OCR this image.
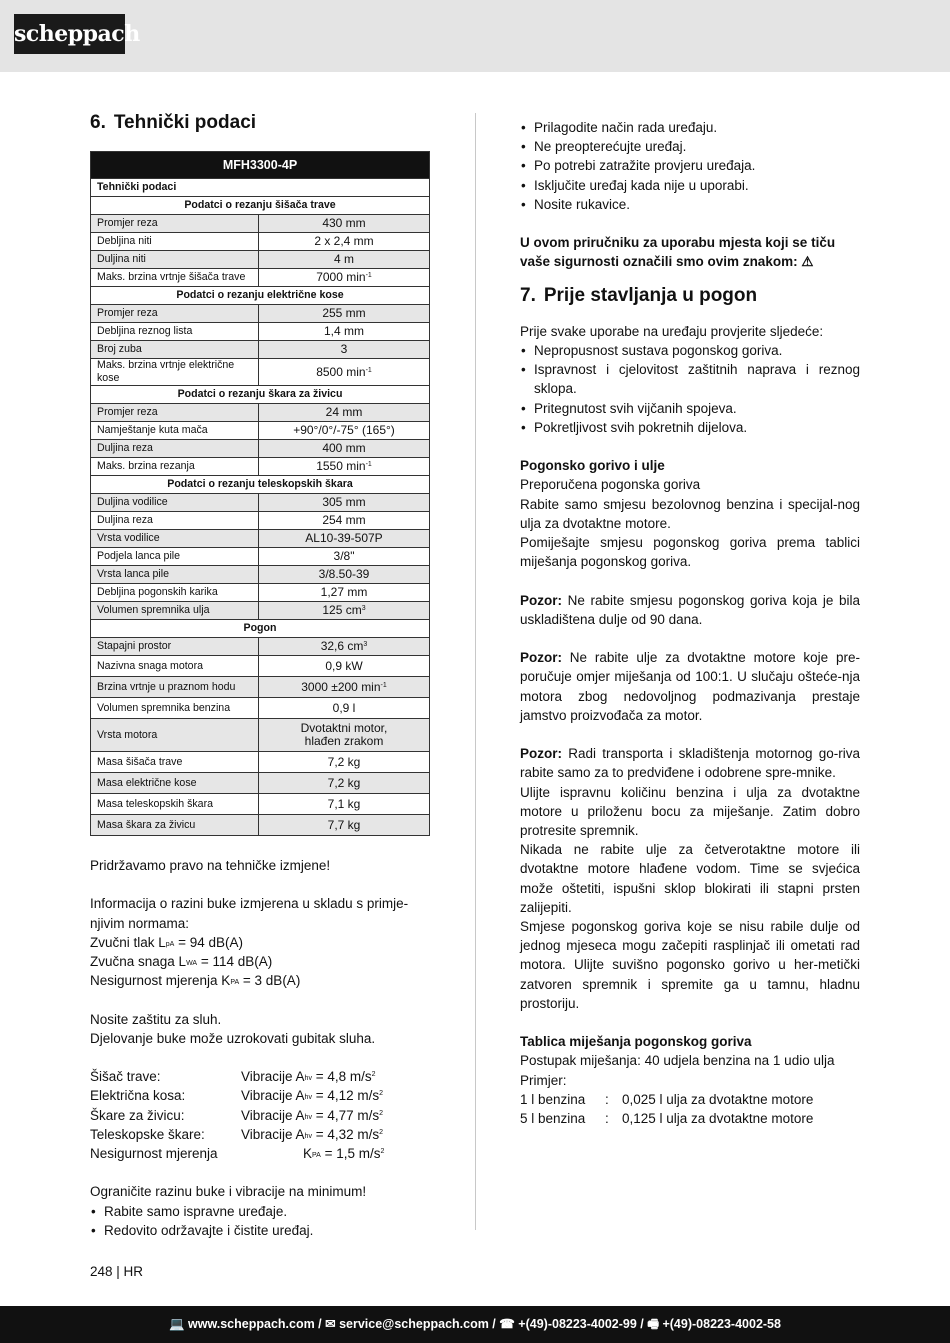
scheppach
6. Tehnički podaci
MFH3300-4P	
Tehnički podaci	
Podatci o rezanju šišača trave	
Promjer reza	430 mm
Debljina niti	2 x 2,4 mm
Duljina niti	4 m
Maks. brzina vrtnje šišača trave	7000 $\min^{-1}$
Podatci o rezanju električne kose	
Promjer reza	255 mm
Debljina reznog lista	1,4 mm
Broj zuba	3
Maks. brzina vrtnje električne kose	8500 $\min^{-1}$
Podatci o rezanju škara za živicu	
Promjer reza	24 mm
Namještanje kuta mača	+90°/0°/-75° (165°)
Duljina reza	400 mm
Maks. brzina rezanja	1550 $\min^{-1}$
Podatci o rezanju teleskopskih škara	
Duljina vodilice	305 mm
Duljina reza	254 mm
Vrsta vodilice	AL10-39-507P
Podjela lanca pile	3/8"
Vrsta lanca pile	3/8.50-39
Debljina pogonskih karika	1,27 mm
Volumen spremnika ulja	125 $cm^3$
Pogon	
Stapajni prostor	32,6 $cm^3$
Nazivna snaga motora	0,9 kW
Brzina vrtnje u praznom hodu	3000 ±200 $\min^{-1}$
Volumen spremnika benzina	0,9 l
Vrsta motora	Dvotaktni motor,
hlađen zrakom
Masa šišača trave	7,2 kg
Masa električne kose	7,2 kg
Masa teleskopskih škara	7,1 kg
Masa škara za živicu	7,7 kg

Pridržavamo pravo na tehničke izmjene!

Informacija o razini buke izmjerena u skladu s primje-njivim normama:

Zvučni tlak $L_{pA} = 94$ dB(A)

Zvučna snaga $L_{WA} = 114$ dB(A)

Nesigurnost mjerenja $K_{PA} = 3$ dB(A)

Nosite zaštitu za sluh.

Djelovanje buke može uzrokovati gubitak sluha.

Šišač trave:	Vibracije $A_{hv} = 4,8$ $m/s^2$
Električna kosa:	Vibracije $A_{hv} = 4,12$ $m/s^2$
Škare za živicu:	Vibracije $A_{hv} = 4,77$ $m/s^2$
Teleskopske škare:	Vibracije $A_{hv} = 4,32$ $m/s^2$
Nesigurnost mjerenja	$K_{PA} = 1,5$ $m/s^2$

Ograničite razinu buke i vibracije na minimum!

• Rabite samo ispravne uređaje.

• Redovito održavajte i čistite uređaj.

• Prilagodite način rada uređaju.

• Ne preopterećujte uređaj.

• Po potrebi zatražite provjeru uređaja.

• Isključite uređaj kada nije u uporabi.

• Nosite rukavice.

U ovom priručniku za uporabu mjesta koji se tiču vaše sigurnosti označili smo ovim znakom: ⚠

7. Prije stavljanja u pogon

Prije svake uporabe na uređaju provjerite sljedeće:

• Nepropusnost sustava pogonskog goriva.

• Ispravnost i cjelovitost zaštitnih naprava i reznog sklopa.

• Pritegnutost svih vijčanih spojeva.

• Pokretljivost svih pokretnih dijelova.

Pogonsko gorivo i ulje

Preporučena pogonska goriva

Rabite samo smjesu bezolovnog benzina i specijal-nog ulja za dvotaktne motore.

Pomiješajte smjesu pogonskog goriva prema tablici miješanja pogonskog goriva.

Pozor: Ne rabite smjesu pogonskog goriva koja je bila uskladištena dulje od 90 dana.

Pozor: Ne rabite ulje za dvotaktne motore koje pre-poručuje omjer miješanja od 100:1. U slučaju ošteće-nja motora zbog nedovoljnog podmazivanja prestaje jamstvo proizvođača za motor.

Pozor: Radi transporta i skladištenja motornog go-riva rabite samo za to predviđene i odobrene spre-mnike.

Ulijte ispravnu količinu benzina i ulja za dvotaktne motore u priloženu bocu za miješanje. Zatim dobro protresite spremnik.

Nikada ne rabite ulje za četverotaktne motore ili dvotaktne motore hlađene vodom. Time se svjećica može oštetiti, ispušni sklop blokirati ili stapni prsten zalijepiti.

Smjese pogonskog goriva koje se nisu rabile dulje od jednog mjeseca mogu začepiti rasplinjač ili ometati rad motora. Ulijte suvišno pogonsko gorivo u her-metički zatvoren spremnik i spremite ga u tamnu, hladnu prostoriju.

Tablica miješanja pogonskog goriva

Postupak miješanja: 40 udjela benzina na 1 udio ulja

Primjer:

1 l benzina	: 0,025 l ulja za dvotaktne motore
5 l benzina	: 0,125 l ulja za dvotaktne motore
248 | HR
💻 www.scheppach.com / ✉ service@scheppach.com / ☎ +(49)-08223-4002-99 / 🖷 +(49)-08223-4002-58
